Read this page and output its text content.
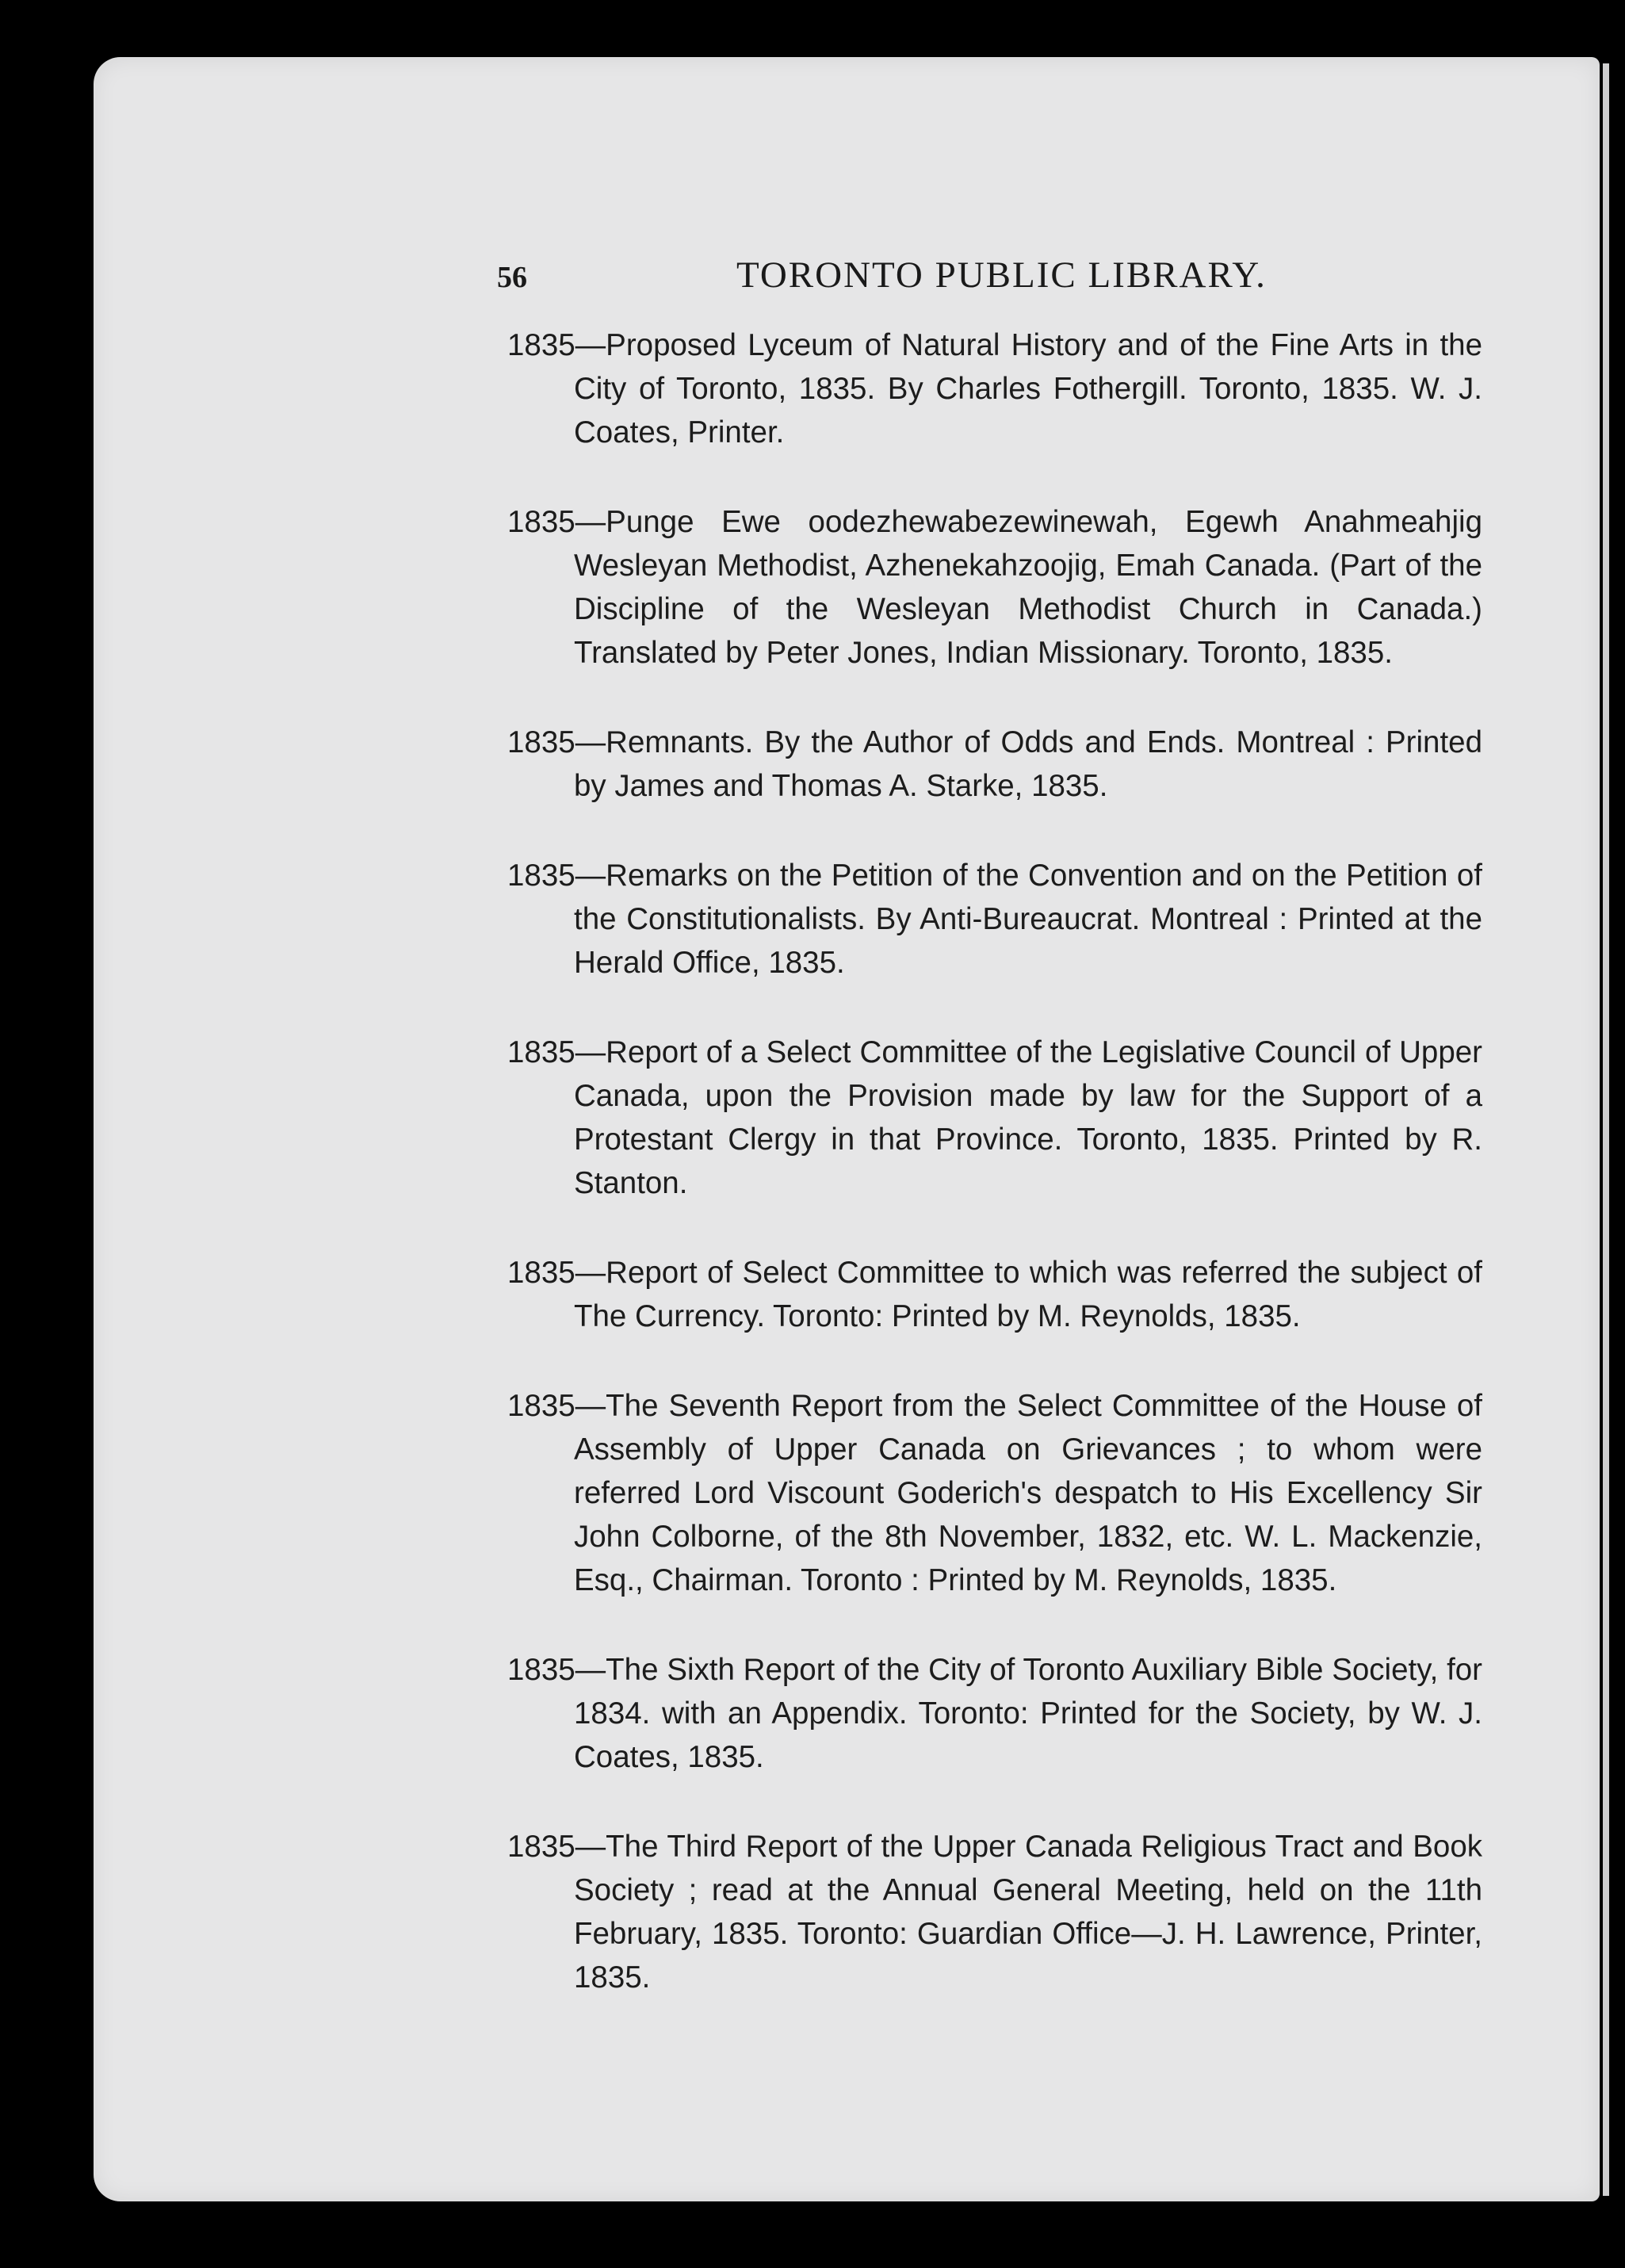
56	TORONTO PUBLIC LIBRARY.

1835—Proposed Lyceum of Natural History and of the Fine Arts in the City of Toronto, 1835. By Charles Fothergill. Toronto, 1835. W. J. Coates, Printer.

1835—Punge Ewe oodezhewabezewinewah, Egewh Anahmeahjig Wesleyan Methodist, Azhenekahzoojig, Emah Canada. (Part of the Discipline of the Wesleyan Methodist Church in Canada.) Translated by Peter Jones, Indian Missionary. Toronto, 1835.

1835—Remnants. By the Author of Odds and Ends. Montreal : Printed by James and Thomas A. Starke, 1835.

1835—Remarks on the Petition of the Convention and on the Petition of the Constitutionalists. By Anti-Bureaucrat. Montreal : Printed at the Herald Office, 1835.

1835—Report of a Select Committee of the Legislative Council of Upper Canada, upon the Provision made by law for the Support of a Protestant Clergy in that Province. Toronto, 1835. Printed by R. Stanton.

1835—Report of Select Committee to which was referred the subject of The Currency. Toronto: Printed by M. Reynolds, 1835.

1835—The Seventh Report from the Select Committee of the House of Assembly of Upper Canada on Grievances ; to whom were referred Lord Viscount Goderich's despatch to His Excellency Sir John Colborne, of the 8th November, 1832, etc. W. L. Mackenzie, Esq., Chairman. Toronto : Printed by M. Reynolds, 1835.

1835—The Sixth Report of the City of Toronto Auxiliary Bible Society, for 1834. with an Appendix. Toronto: Printed for the Society, by W. J. Coates, 1835.

1835—The Third Report of the Upper Canada Religious Tract and Book Society ; read at the Annual General Meeting, held on the 11th February, 1835. Toronto: Guardian Office—J. H. Lawrence, Printer, 1835.
